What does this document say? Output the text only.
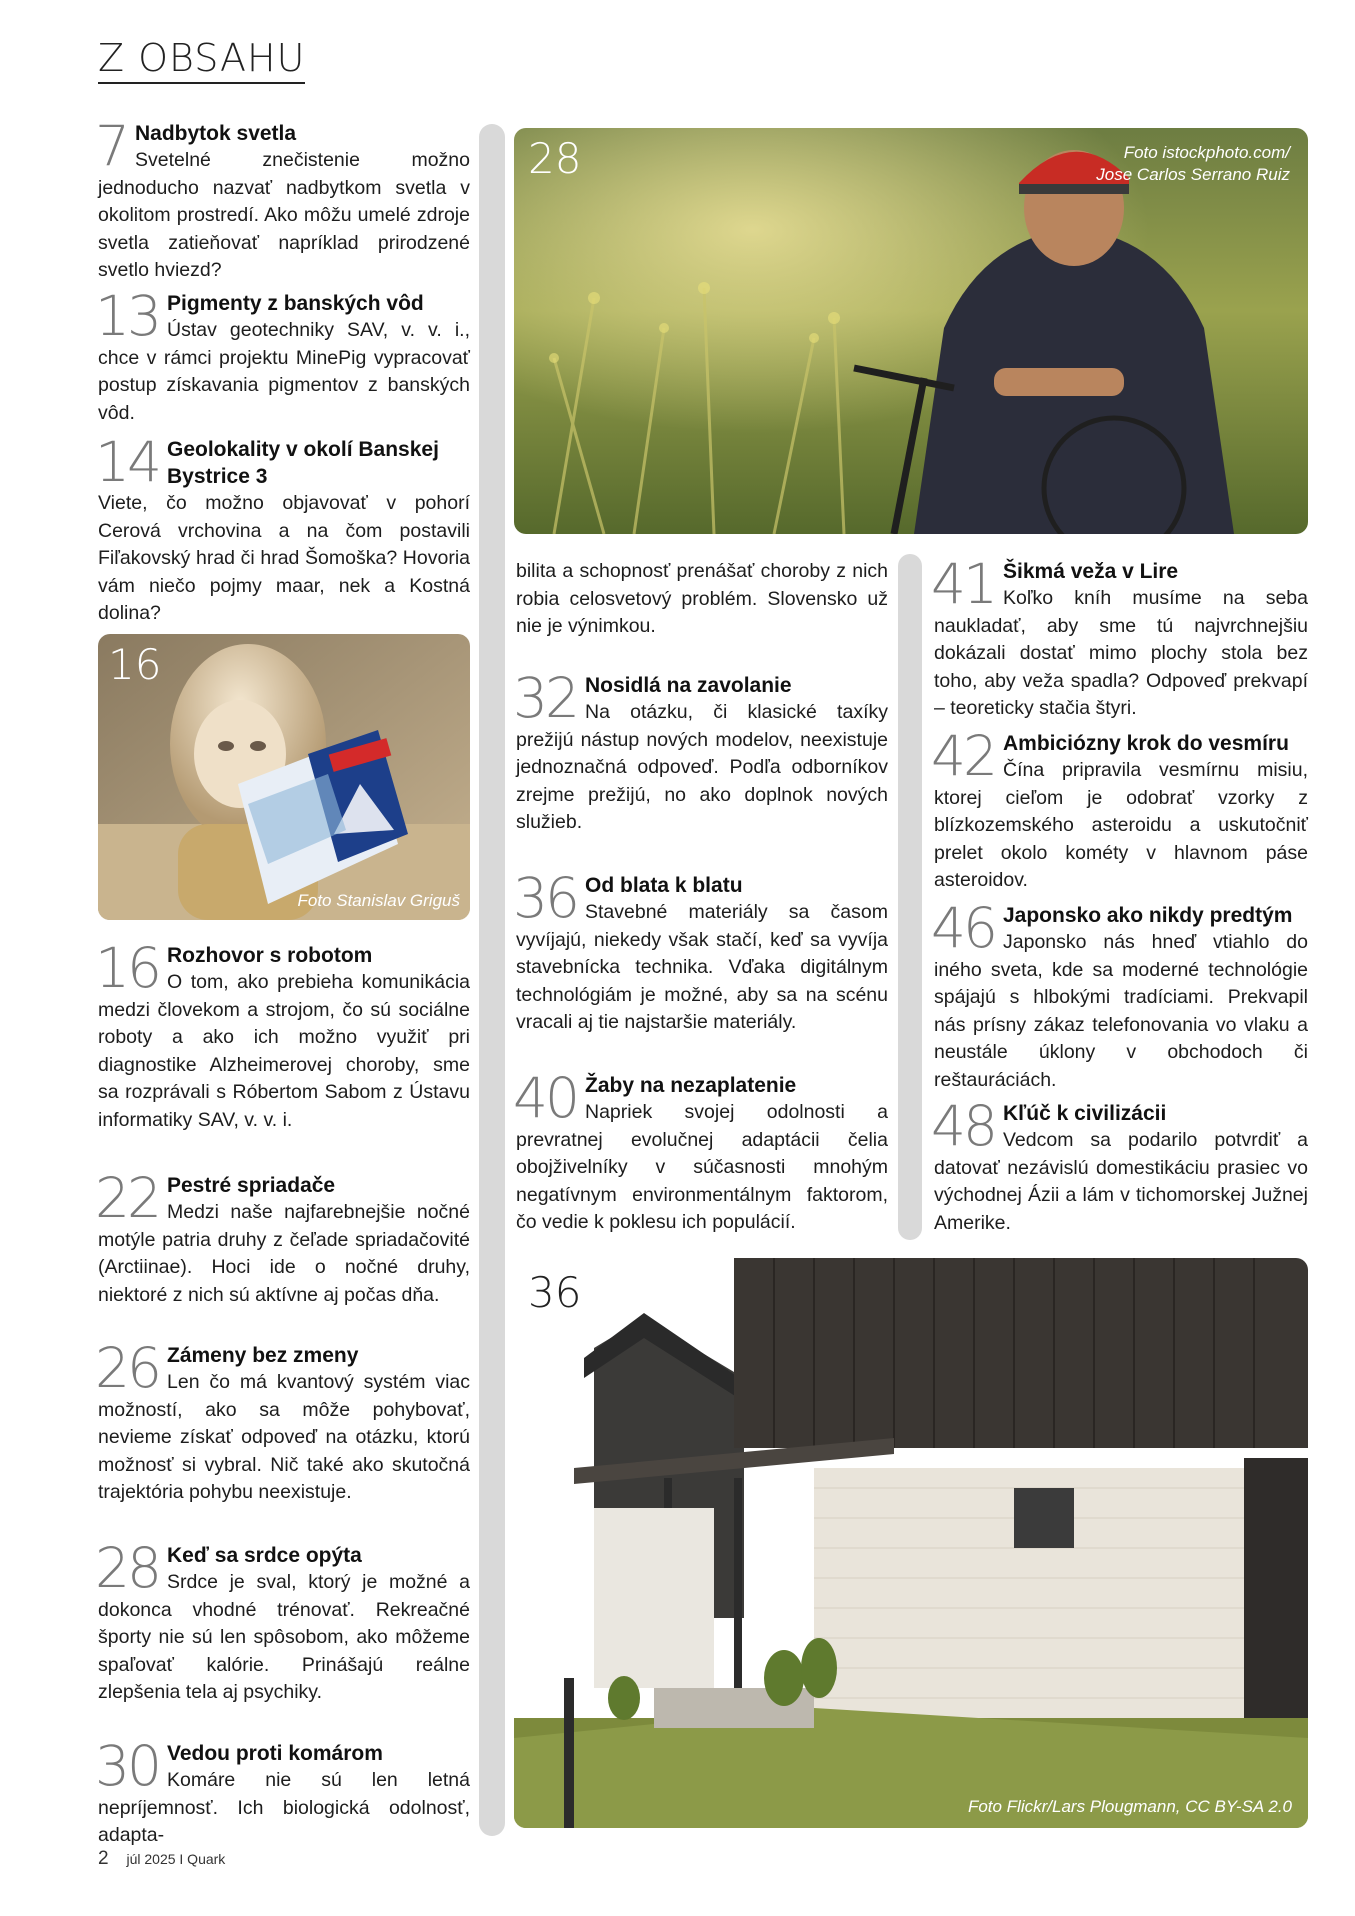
Z OBSAHU
7 Nadbytok svetla

Svetelné znečistenie možno jednoducho nazvať nadbytkom svetla v okolitom prostredí. Ako môžu umelé zdroje svetla zatieňovať napríklad prirodzené svetlo hviezd?

13 Pigmenty z banských vôd

Ústav geotechniky SAV, v. v. i., chce v rámci projektu MinePig vypracovať postup získavania pigmentov z banských vôd.

14 Geolokality v okolí Banskej Bystrice 3

Viete, čo možno objavovať v pohorí Cerová vrchovina a na čom postavili Fiľakovský hrad či hrad Šomoška? Hovoria vám niečo pojmy maar, nek a Kostná dolina?

16
Foto Stanislav Griguš
16 Rozhovor s robotom

O tom, ako prebieha komunikácia medzi človekom a strojom, čo sú sociálne roboty a ako ich možno využiť pri diagnostike Alzheimerovej choroby, sme sa rozprávali s Róbertom Sabom z Ústavu informatiky SAV, v. v. i.

22 Pestré spriadače

Medzi naše najfarebnejšie nočné motýle patria druhy z čeľade spriadačovité (Arctiinae). Hoci ide o nočné druhy, niektoré z nich sú aktívne aj počas dňa.

26 Zámeny bez zmeny

Len čo má kvantový systém viac možností, ako sa môže pohybovať, nevieme získať odpoveď na otázku, ktorú možnosť si vybral. Nič také ako skutočná trajektória pohybu neexistuje.

28 Keď sa srdce opýta

Srdce je sval, ktorý je možné a dokonca vhodné trénovať. Rekreačné športy nie sú len spôsobom, ako môžeme spaľovať kalórie. Prinášajú reálne zlepšenia tela aj psychiky.

30 Vedou proti komárom

Komáre nie sú len letná nepríjemnosť. Ich biologická odolnosť, adapta-

28	Foto istockphoto.com/
Jose Carlos Serrano Ruiz

bilita a schopnosť prenášať choroby z nich robia celosvetový problém. Slovensko už nie je výnimkou.

32 Nosidlá na zavolanie

Na otázku, či klasické taxíky prežijú nástup nových modelov, neexistuje jednoznačná odpoveď. Podľa odborníkov zrejme prežijú, no ako doplnok nových služieb.

36 Od blata k blatu

Stavebné materiály sa časom vyvíjajú, niekedy však stačí, keď sa vyvíja stavebnícka technika. Vďaka digitálnym technológiám je možné, aby sa na scénu vracali aj tie najstaršie materiály.

40 Žaby na nezaplatenie

Napriek svojej odolnosti a prevratnej evolučnej adaptácii čelia obojživelníky v súčasnosti mnohým negatívnym environmentálnym faktorom, čo vedie k poklesu ich populácií.

41 Šikmá veža v Lire

Koľko kníh musíme na seba naukladať, aby sme tú najvrchnejšiu dokázali dostať mimo plochy stola bez toho, aby veža spadla? Odpoveď prekvapí – teoreticky stačia štyri.

42 Ambiciózny krok do vesmíru

Čína pripravila vesmírnu misiu, ktorej cieľom je odobrať vzorky z blízkozemského asteroidu a uskutočniť prelet okolo kométy v hlavnom páse asteroidov.

46 Japonsko ako nikdy predtým

Japonsko nás hneď vtiahlo do iného sveta, kde sa moderné technológie spájajú s hlbokými tradíciami. Prekvapil nás prísny zákaz telefonovania vo vlaku a neustále úklony v obchodoch či reštauráciách.

48 Kľúč k civilizácii

Vedcom sa podarilo potvrdiť a datovať nezávislú domestikáciu prasiec vo východnej Ázii a lám v tichomorskej Južnej Amerike.

36
Foto Flickr/Lars Plougmann, CC BY-SA 2.0
2 júl 2025 I Quark
